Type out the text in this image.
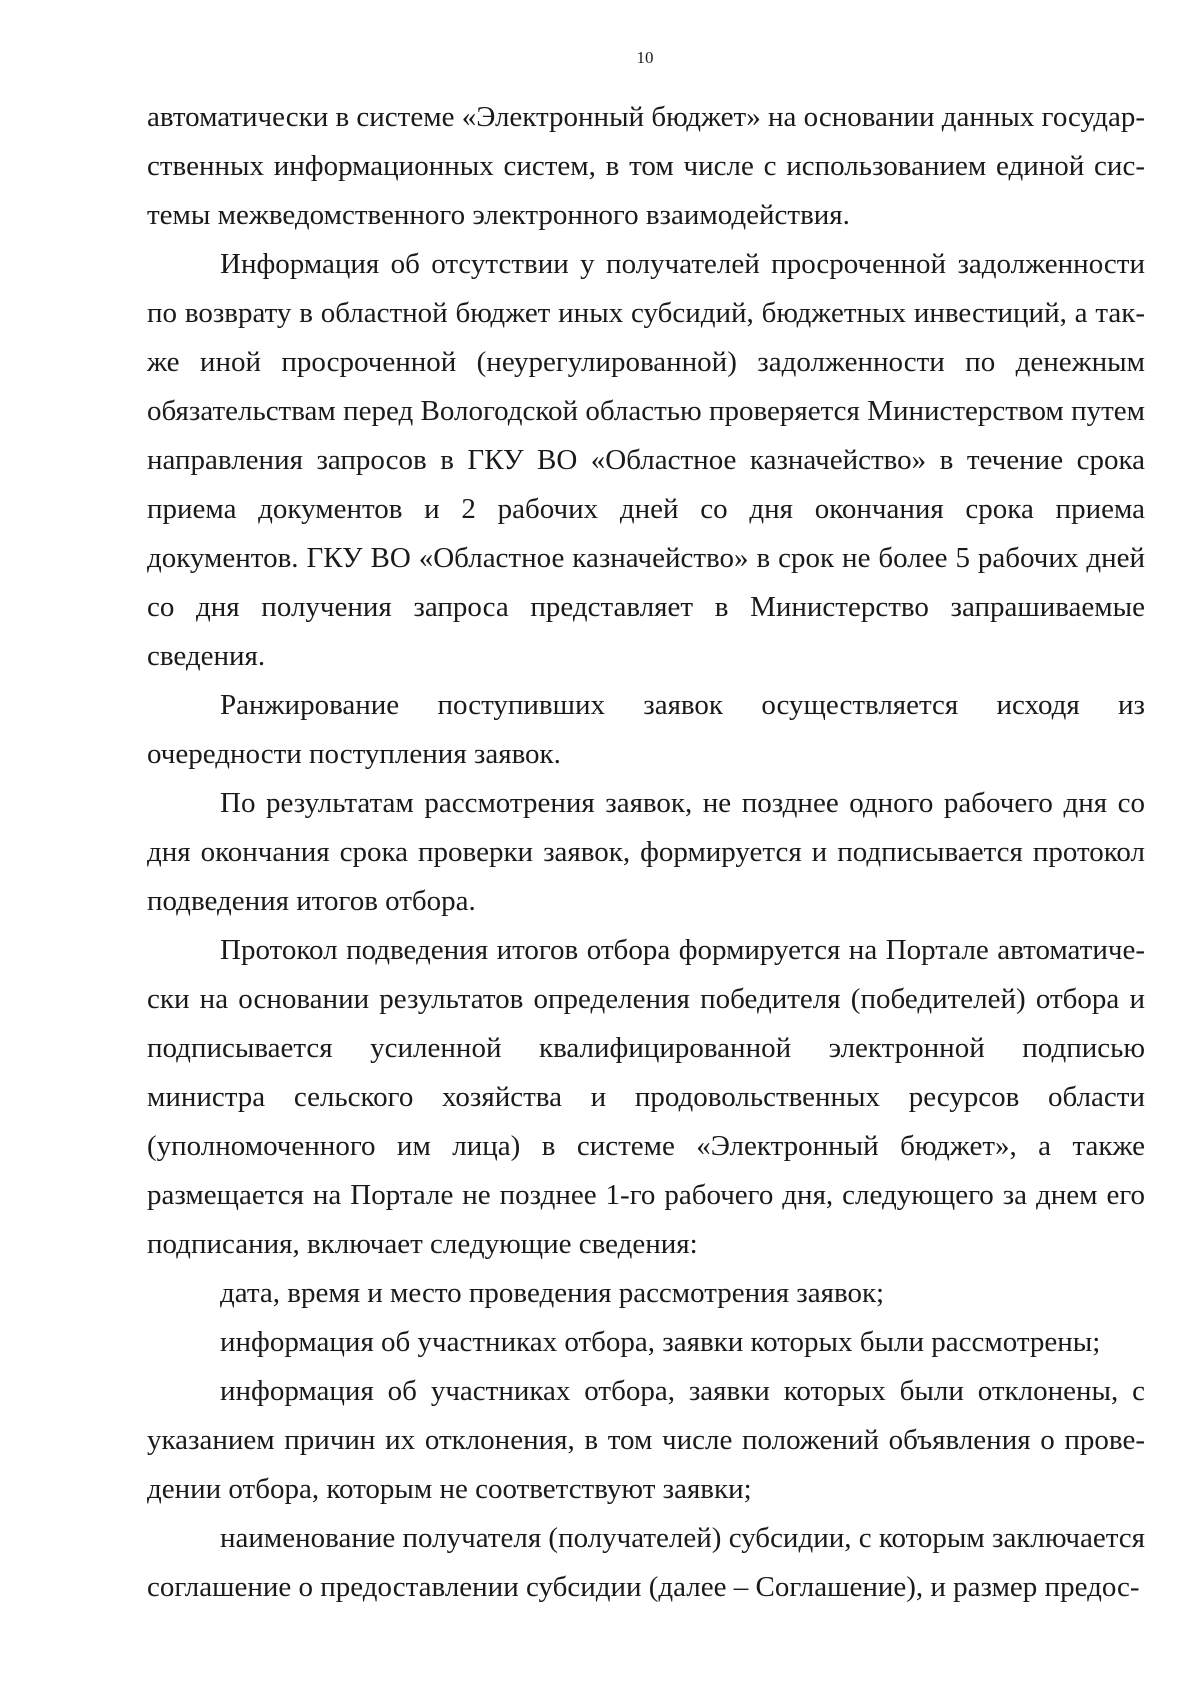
10

автоматически в системе «Электронный бюджет» на основании данных государственных информационных систем, в том числе с использованием единой системы межведомственного электронного взаимодействия.

Информация об отсутствии у получателей просроченной задолженности по возврату в областной бюджет иных субсидий, бюджетных инвестиций, а также иной просроченной (неурегулированной) задолженности по денежным обязательствам перед Вологодской областью проверяется Министерством путем направления запросов в ГКУ ВО «Областное казначейство» в течение срока приема документов и 2 рабочих дней со дня окончания срока приема документов. ГКУ ВО «Областное казначейство» в срок не более 5 рабочих дней со дня получения запроса представляет в Министерство запрашиваемые сведения.

Ранжирование поступивших заявок осуществляется исходя из очередности поступления заявок.

По результатам рассмотрения заявок, не позднее одного рабочего дня со дня окончания срока проверки заявок, формируется и подписывается протокол подведения итогов отбора.

Протокол подведения итогов отбора формируется на Портале автоматически на основании результатов определения победителя (победителей) отбора и подписывается усиленной квалифицированной электронной подписью министра сельского хозяйства и продовольственных ресурсов области (уполномоченного им лица) в системе «Электронный бюджет», а также размещается на Портале не позднее 1-го рабочего дня, следующего за днем его подписания, включает следующие сведения:

дата, время и место проведения рассмотрения заявок;

информация об участниках отбора, заявки которых были рассмотрены;

информация об участниках отбора, заявки которых были отклонены, с указанием причин их отклонения, в том числе положений объявления о проведении отбора, которым не соответствуют заявки;

наименование получателя (получателей) субсидии, с которым заключается соглашение о предоставлении субсидии (далее – Соглашение), и размер предос-
